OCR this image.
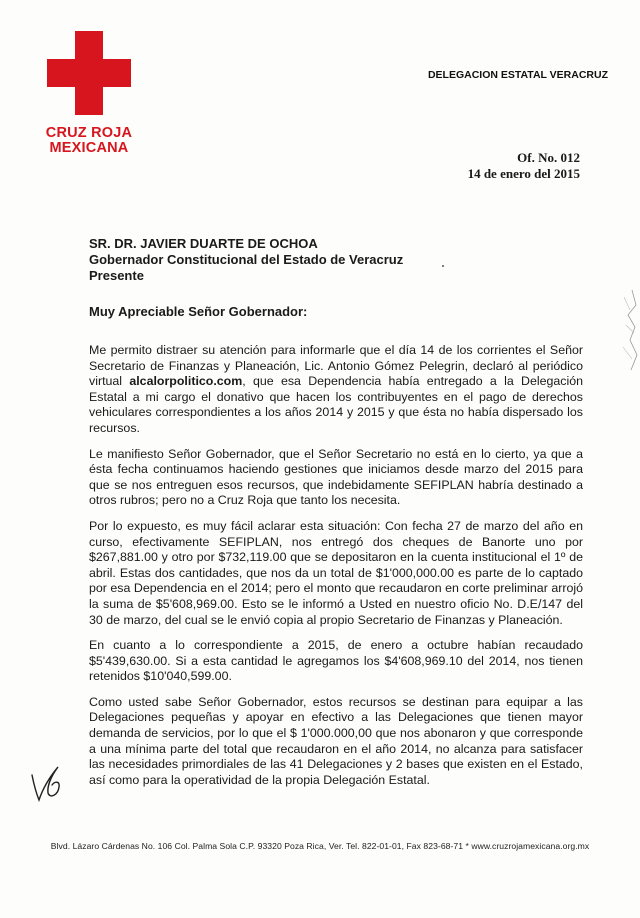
CRUZ ROJA
MEXICANA
DELEGACION ESTATAL VERACRUZ
Of. No. 012
14 de enero del 2015
SR. DR. JAVIER DUARTE DE OCHOA
Gobernador Constitucional del Estado de Veracruz
Presente
Muy Apreciable Señor Gobernador:

Me permito distraer su atención para informarle que el día 14 de los corrientes el Señor Secretario de Finanzas y Planeación, Lic. Antonio Gómez Pelegrin, declaró al periódico virtual alcalorpolitico.com, que esa Dependencia había entregado a la Delegación Estatal a mi cargo el donativo que hacen los contribuyentes en el pago de derechos vehiculares correspondientes a los años 2014 y 2015 y que ésta no había dispersado los recursos.

Le manifiesto Señor Gobernador, que el Señor Secretario no está en lo cierto, ya que a ésta fecha continuamos haciendo gestiones que iniciamos desde marzo del 2015 para que se nos entreguen esos recursos, que indebidamente SEFIPLAN habría destinado a otros rubros; pero no a Cruz Roja que tanto los necesita.

Por lo expuesto, es muy fácil aclarar esta situación: Con fecha 27 de marzo del año en curso, efectivamente SEFIPLAN, nos entregó dos cheques de Banorte uno por $267,881.00 y otro por $732,119.00 que se depositaron en la cuenta institucional el 1º de abril. Estas dos cantidades, que nos da un total de $1'000,000.00 es parte de lo captado por esa Dependencia en el 2014; pero el monto que recaudaron en corte preliminar arrojó la suma de $5'608,969.00. Esto se le informó a Usted en nuestro oficio No. D.E/147 del 30 de marzo, del cual se le envió copia al propio Secretario de Finanzas y Planeación.

En cuanto a lo correspondiente a 2015, de enero a octubre habían recaudado $5'439,630.00. Si a esta cantidad le agregamos los $4'608,969.10 del 2014, nos tienen retenidos $10'040,599.00.

Como usted sabe Señor Gobernador, estos recursos se destinan para equipar a las Delegaciones pequeñas y apoyar en efectivo a las Delegaciones que tienen mayor demanda de servicios, por lo que el $ 1'000.000,00 que nos abonaron y que corresponde a una mínima parte del total que recaudaron en el año 2014, no alcanza para satisfacer las necesidades primordiales de las 41 Delegaciones y 2 bases que existen en el Estado, así como para la operatividad de la propia Delegación Estatal.

Blvd. Lázaro Cárdenas No. 106 Col. Palma Sola C.P. 93320 Poza Rica, Ver. Tel. 822-01-01, Fax 823-68-71 * www.cruzrojamexicana.org.mx
